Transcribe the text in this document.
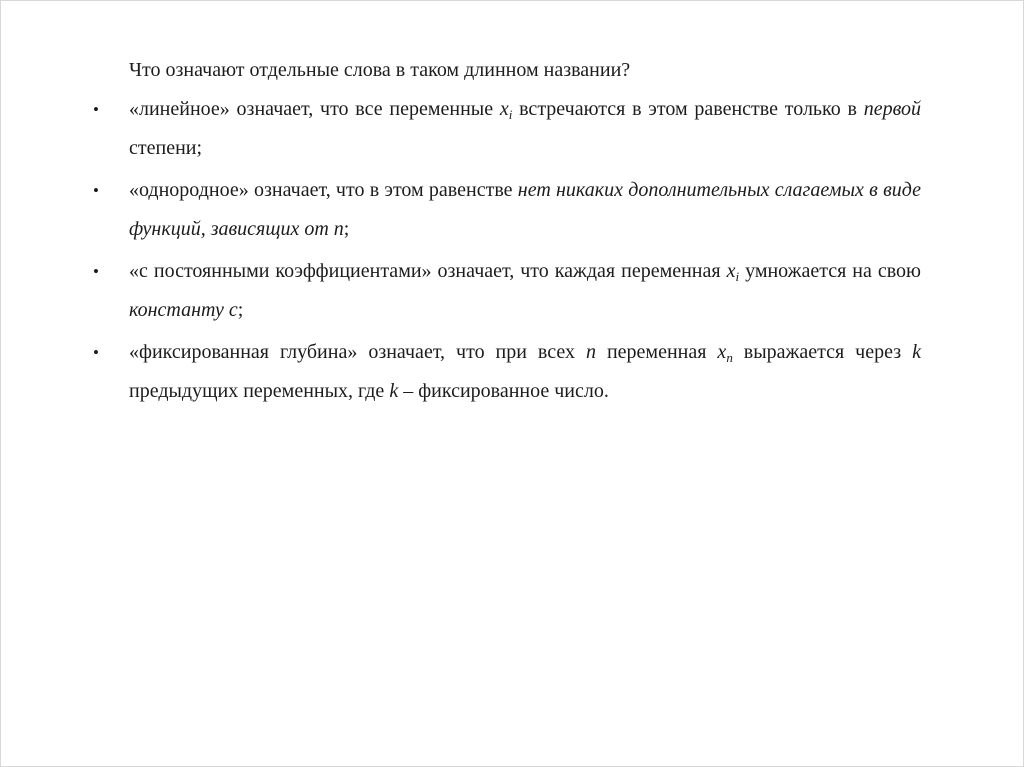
Что означают отдельные слова в таком длинном названии?

•	«линейное» означает, что все переменные $x_i$ встречаются в этом равенстве только в первой степени;
•	«однородное» означает, что в этом равенстве нет никаких дополнительных слагаемых в виде функций, зависящих от n;
•	«с постоянными коэффициентами» означает, что каждая переменная $x_i$ умножается на свою константу c;
•	«фиксированная глубина» означает, что при всех n переменная $x_n$ выражается через k предыдущих переменных, где k – фиксированное число.
